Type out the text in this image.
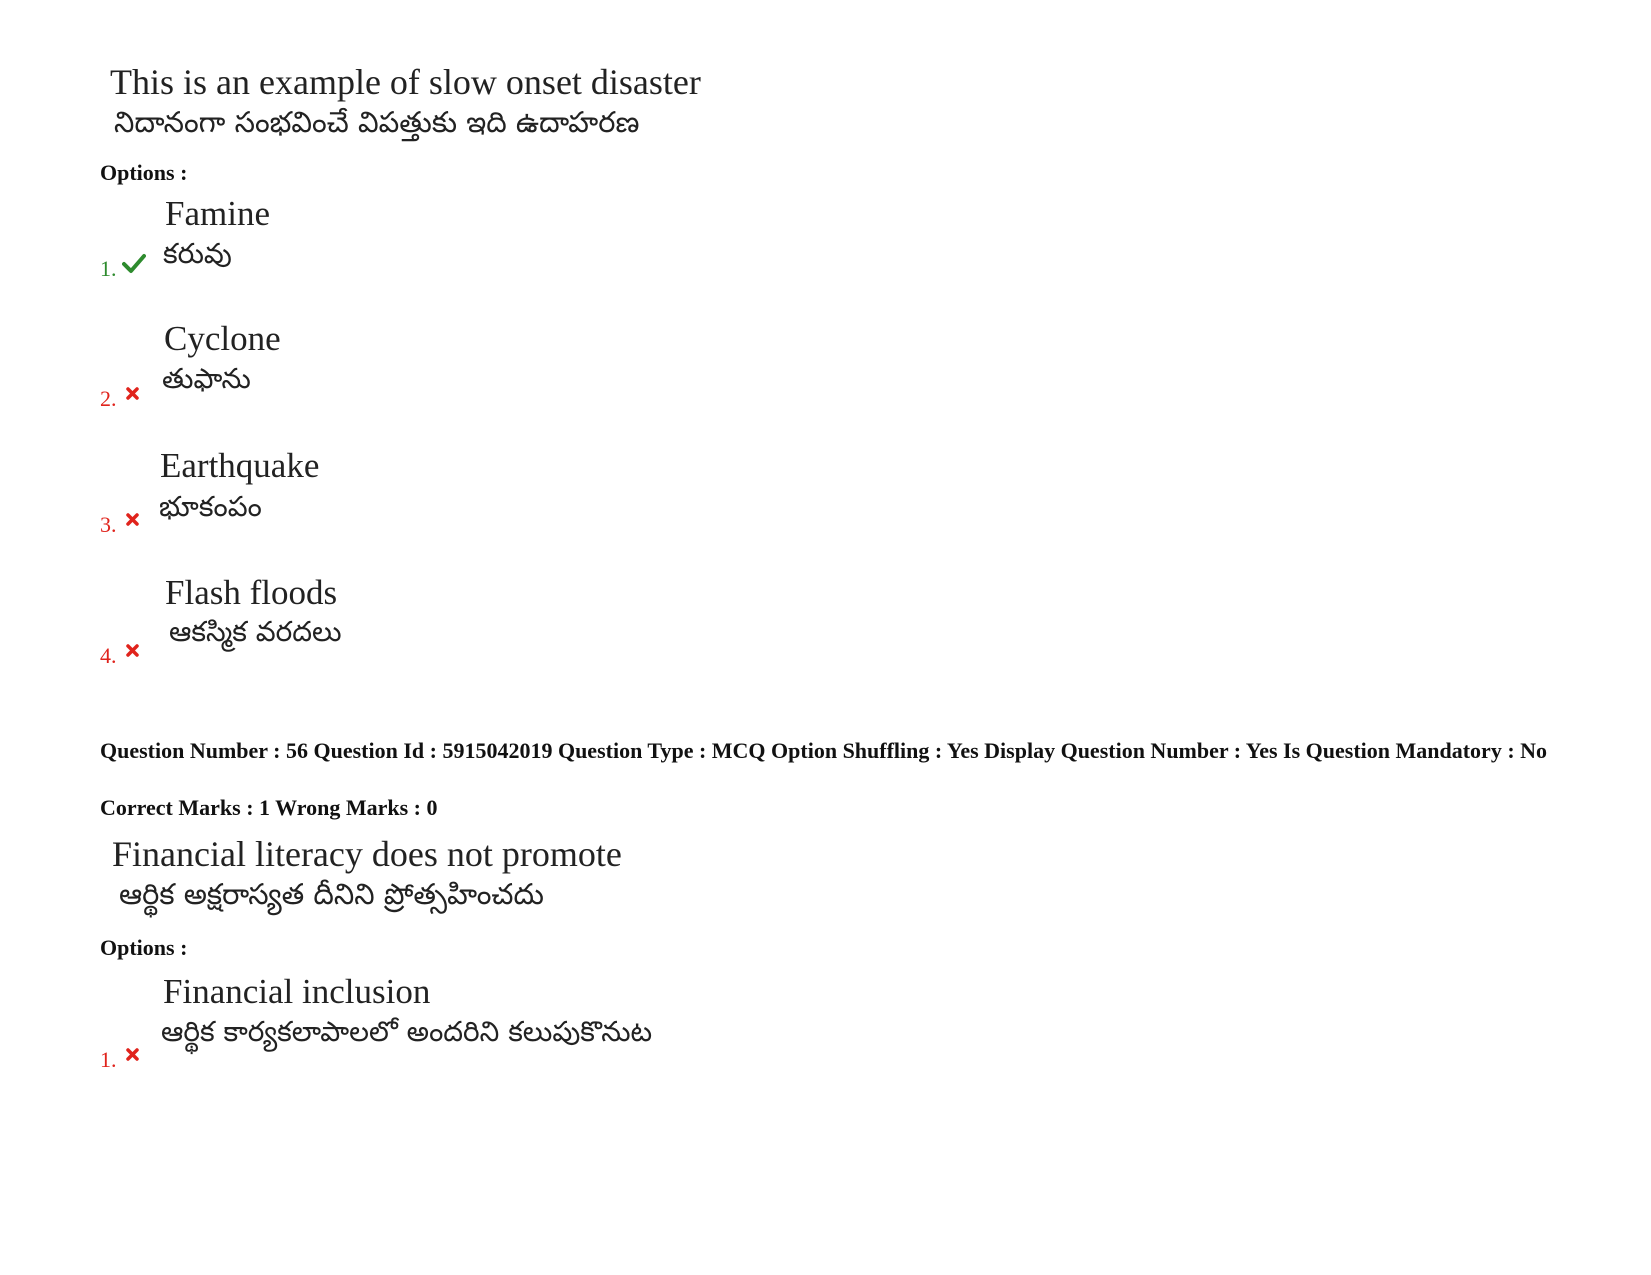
This is an example of slow onset disaster
నిదానంగా సంభవించే విపత్తుకు ఇది ఉదాహరణ
Options :
Famine
కరువు
1.
Cyclone
తుఫాను
2.
Earthquake
భూకంపం
3.
Flash floods
ఆకస్మిక వరదలు
4.
Question Number : 56 Question Id : 5915042019 Question Type : MCQ Option Shuffling : Yes Display Question Number : Yes Is Question Mandatory : No
Correct Marks : 1 Wrong Marks : 0
Financial literacy does not promote
ఆర్థిక అక్షరాస్యత దీనిని ప్రోత్సహించదు
Options :
Financial inclusion
ఆర్థిక కార్యకలాపాలలో అందరిని కలుపుకొనుట
1.
